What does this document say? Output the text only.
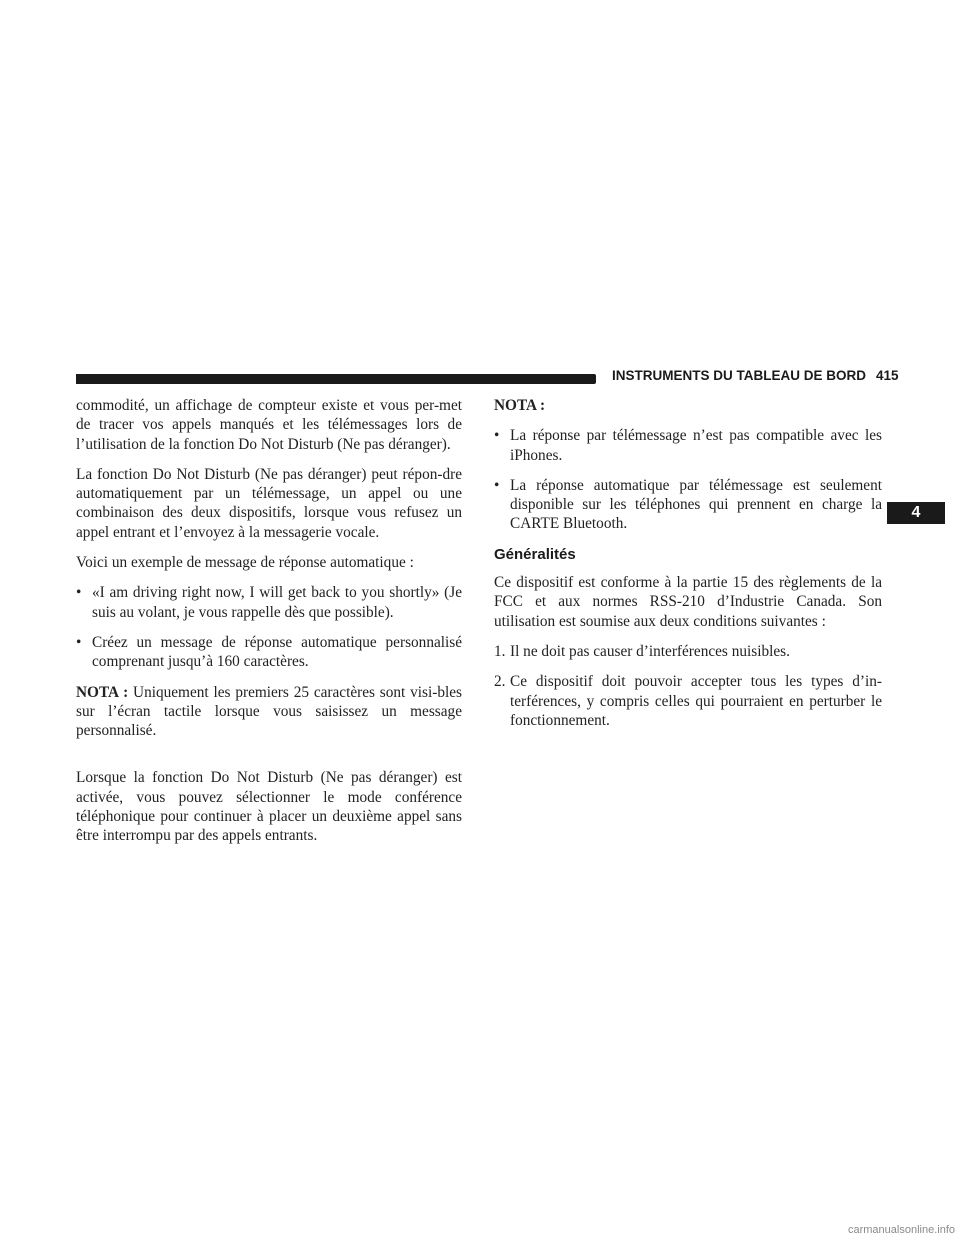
INSTRUMENTS DU TABLEAU DE BORD 415
4

commodité, un affichage de compteur existe et vous per-met de tracer vos appels manqués et les télémessages lors de l’utilisation de la fonction Do Not Disturb (Ne pas déranger).

La fonction Do Not Disturb (Ne pas déranger) peut répon-dre automatiquement par un télémessage, un appel ou une combinaison des deux dispositifs, lorsque vous refusez un appel entrant et l’envoyez à la messagerie vocale.

Voici un exemple de message de réponse automatique :

• «I am driving right now, I will get back to you shortly» (Je suis au volant, je vous rappelle dès que possible).
• Créez un message de réponse automatique personnalisé comprenant jusqu’à 160 caractères.

NOTA : Uniquement les premiers 25 caractères sont visi-bles sur l’écran tactile lorsque vous saisissez un message personnalisé.

Lorsque la fonction Do Not Disturb (Ne pas déranger) est activée, vous pouvez sélectionner le mode conférence téléphonique pour continuer à placer un deuxième appel sans être interrompu par des appels entrants.

NOTA :

• La réponse par télémessage n’est pas compatible avec les iPhones.
• La réponse automatique par télémessage est seulement disponible sur les téléphones qui prennent en charge la CARTE Bluetooth.
Généralités

Ce dispositif est conforme à la partie 15 des règlements de la FCC et aux normes RSS-210 d’Industrie Canada. Son utilisation est soumise aux deux conditions suivantes :

1. Il ne doit pas causer d’interférences nuisibles.
2. Ce dispositif doit pouvoir accepter tous les types d’in-terférences, y compris celles qui pourraient en perturber le fonctionnement.
carmanualsonline.info
